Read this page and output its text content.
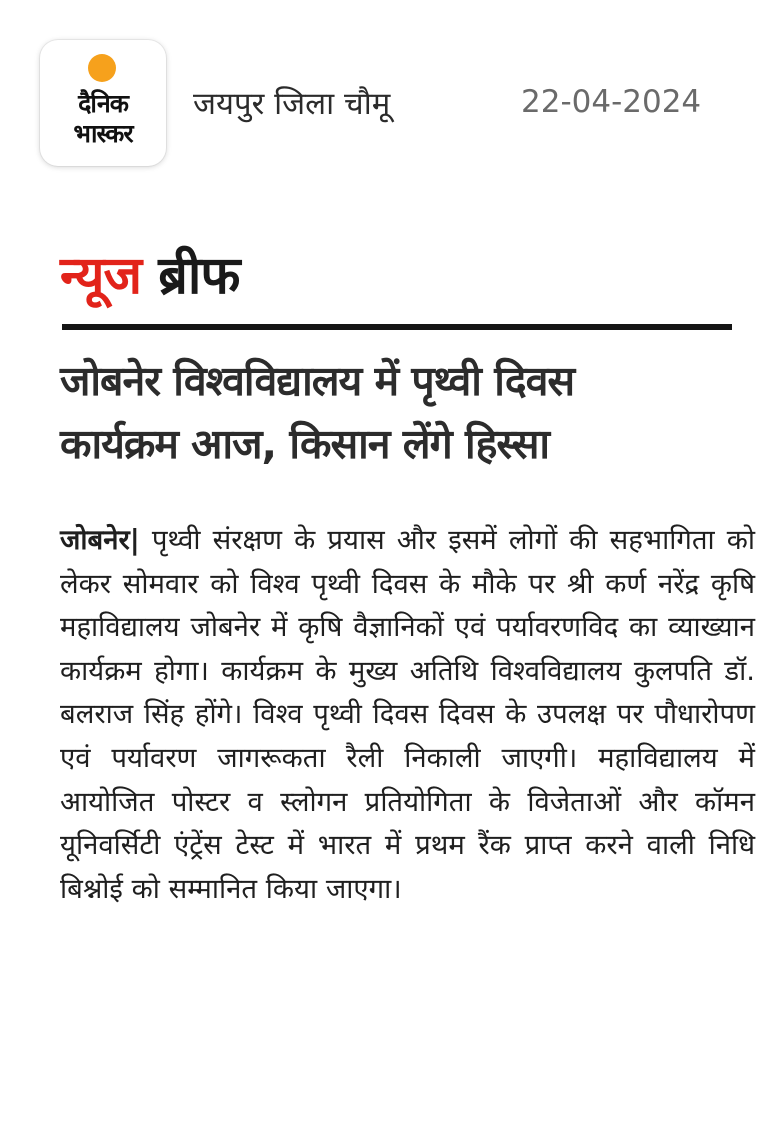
दैनिक
भास्कर
जयपुर जिला चौमू	22-04-2024
न्यूज ब्रीफ
जोबनेर विश्वविद्यालय में पृथ्वी दिवस
कार्यक्रम आज, किसान लेंगे हिस्सा
जोबनेर| पृथ्वी संरक्षण के प्रयास और इसमें लोगों की सहभागिता को लेकर सोमवार को विश्व पृथ्वी दिवस के मौके पर श्री कर्ण नरेंद्र कृषि महाविद्यालय जोबनेर में कृषि वैज्ञानिकों एवं पर्यावरणविद का व्याख्यान कार्यक्रम होगा। कार्यक्रम के मुख्य अतिथि विश्वविद्यालय कुलपति डॉ. बलराज सिंह होंगे। विश्व पृथ्वी दिवस दिवस के उपलक्ष पर पौधारोपण एवं पर्यावरण जागरूकता रैली निकाली जाएगी। महाविद्यालय में आयोजित पोस्टर व स्लोगन प्रतियोगिता के विजेताओं और कॉमन यूनिवर्सिटी एंट्रेंस टेस्ट में भारत में प्रथम रैंक प्राप्त करने वाली निधि बिश्नोई को सम्मानित किया जाएगा।
